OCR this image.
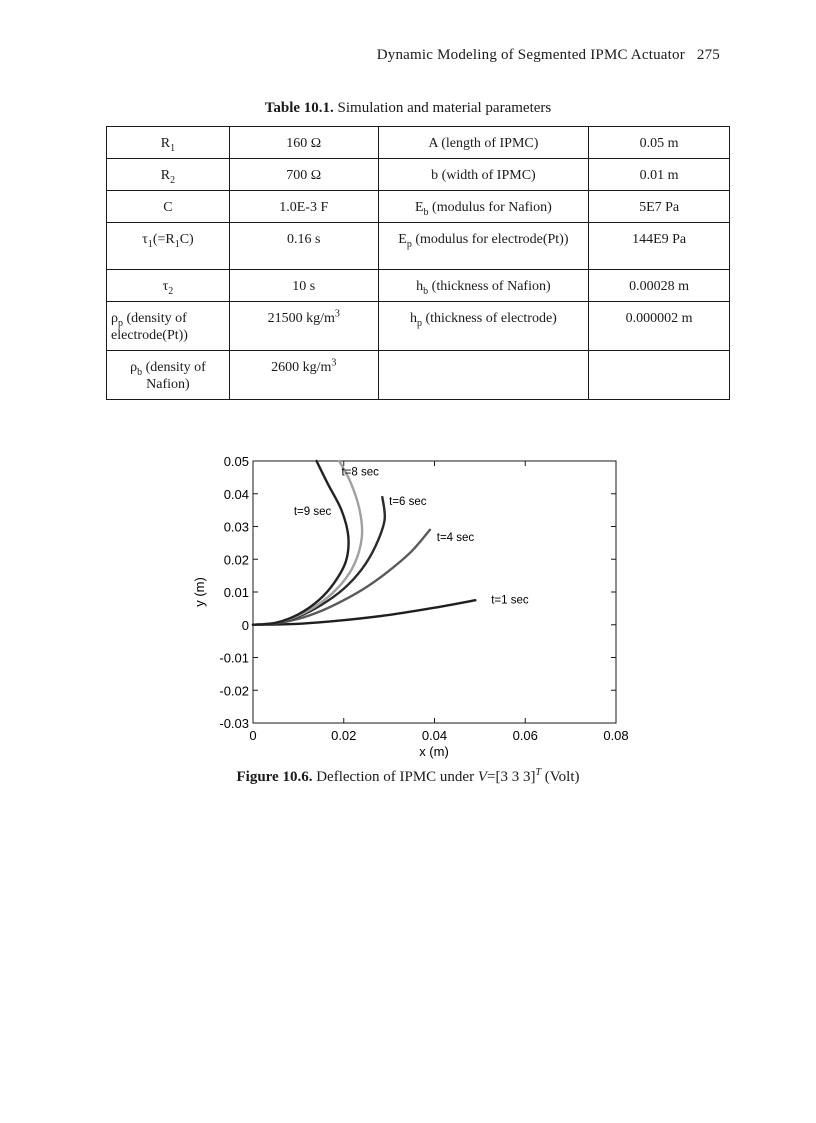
Dynamic Modeling of Segmented IPMC Actuator 275
Table 10.1. Simulation and material parameters
$R_1$	160 Ω	A (length of IPMC)	0.05 m
$R_2$	700 Ω	b (width of IPMC)	0.01 m
C	1.0E-3 F	$E_b$ (modulus for Nafion)	5E7 Pa
$\tau_1(=R_1C)$	0.16 s	$E_p$ (modulus for electrode(Pt))	144E9 Pa
$\tau_2$	10 s	$h_b$ (thickness of Nafion)	0.00028 m
$\rho_p$ (density of electrode(Pt))	21500 $kg/m^3$	$h_p$ (thickness of electrode)	0.000002 m
$\rho_b$ (density of Nafion)	2600 $kg/m^3$		
0	0.02	0.04	0.06	0.08
0.05
0.04
0.03
0.02
0.01
0
-0.01
-0.02
-0.03
t=8 sec
t=6 sec
t=9 sec
t=4 sec
t=1 sec
x (m)
y (m)
Figure 10.6. Deflection of IPMC under V=[3 3 3]$^T$ (Volt)
